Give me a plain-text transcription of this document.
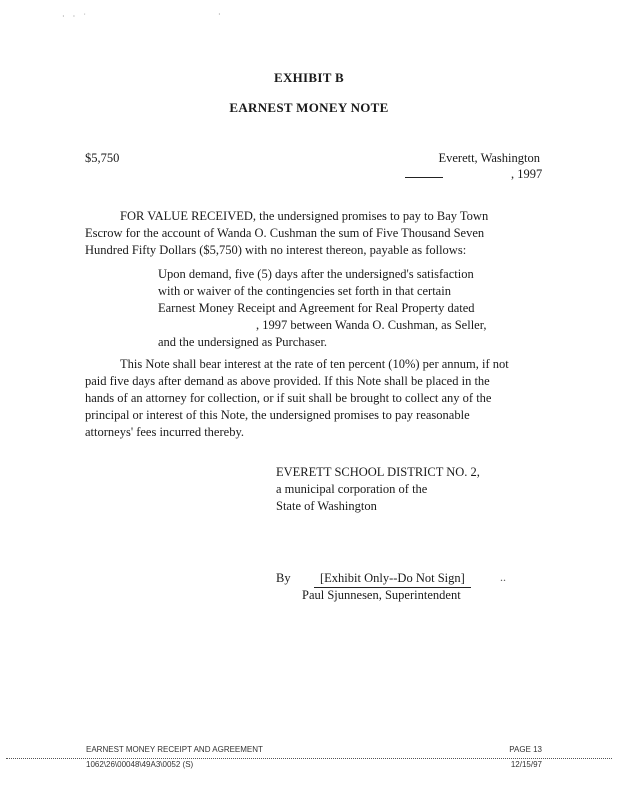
·    ·    ˙	·
EXHIBIT B
EARNEST MONEY NOTE
$5,750	Everett, Washington
, 1997
FOR VALUE RECEIVED, the undersigned promises to pay to Bay Town
Escrow for the account of Wanda O. Cushman the sum of Five Thousand Seven
Hundred Fifty Dollars ($5,750) with no interest thereon, payable as follows:
Upon demand, five (5) days after the undersigned's satisfaction
with or waiver of the contingencies set forth in that certain
Earnest Money Receipt and Agreement for Real Property dated
, 1997 between Wanda O. Cushman, as Seller,
and the undersigned as Purchaser.
This Note shall bear interest at the rate of ten percent (10%) per annum, if not
paid five days after demand as above provided. If this Note shall be placed in the
hands of an attorney for collection, or if suit shall be brought to collect any of the
principal or interest of this Note, the undersigned promises to pay reasonable
attorneys' fees incurred thereby.
EVERETT SCHOOL DISTRICT NO. 2,
a municipal corporation of the
State of Washington
By	[Exhibit Only--Do Not Sign]	..
Paul Sjunnesen, Superintendent
EARNEST MONEY RECEIPT AND AGREEMENT	PAGE 13
1062\26\00048\49A3\0052 (S)	12/15/97
